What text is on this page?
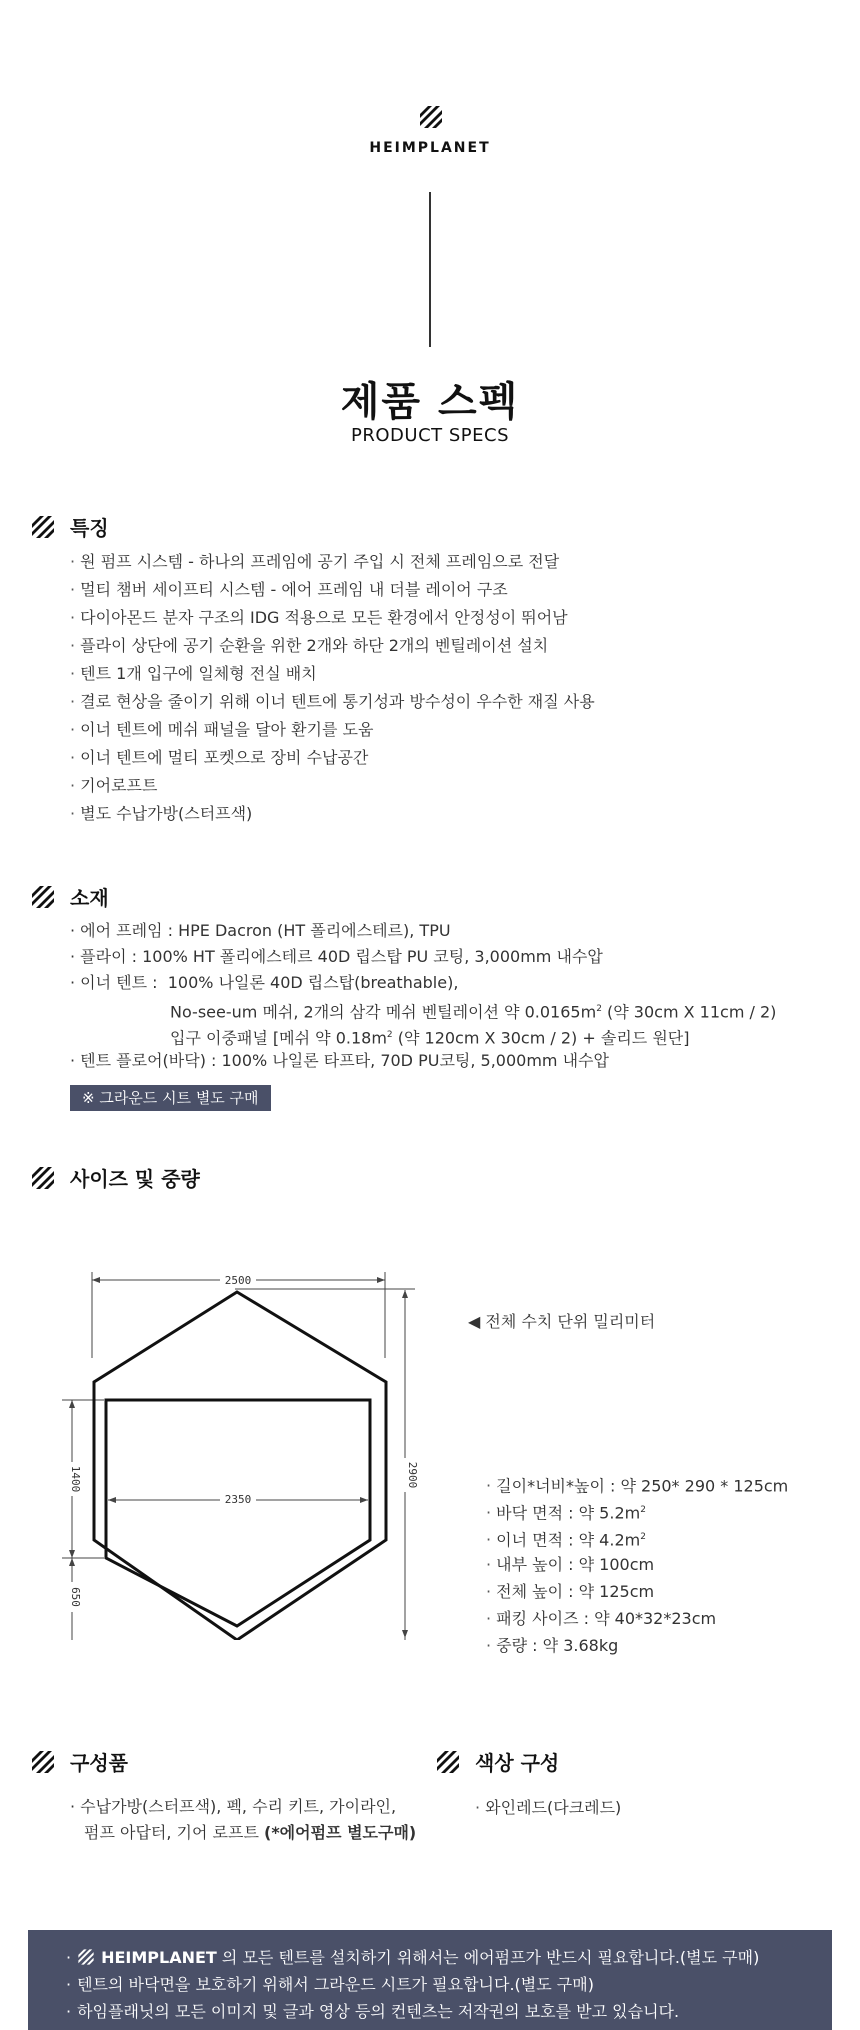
HEIMPLANET
제품 스펙
PRODUCT SPECS
특징
· 원 펌프 시스템 - 하나의 프레임에 공기 주입 시 전체 프레임으로 전달
· 멀티 챔버 세이프티 시스템 - 에어 프레임 내 더블 레이어 구조
· 다이아몬드 분자 구조의 IDG 적용으로 모든 환경에서 안정성이 뛰어남
· 플라이 상단에 공기 순환을 위한 2개와 하단 2개의 벤틸레이션 설치
· 텐트 1개 입구에 일체형 전실 배치
· 결로 현상을 줄이기 위해 이너 텐트에 통기성과 방수성이 우수한 재질 사용
· 이너 텐트에 메쉬 패널을 달아 환기를 도움
· 이너 텐트에 멀티 포켓으로 장비 수납공간
· 기어로프트
· 별도 수납가방(스터프색)
소재
· 에어 프레임 : HPE Dacron (HT 폴리에스테르), TPU
· 플라이 : 100% HT 폴리에스테르 40D 립스탑 PU 코팅, 3,000mm 내수압
· 이너 텐트 : 100% 나일론 40D 립스탑(breathable),
No-see-um 메쉬, 2개의 삼각 메쉬 벤틸레이션 약 $0.0165m^2$ (약 30cm X 11cm / 2)
입구 이중패널 [메쉬 약 $0.18m^2$ (약 120cm X 30cm / 2) + 솔리드 원단]
· 텐트 플로어(바닥) : 100% 나일론 타프타, 70D PU코팅, 5,000mm 내수압
※ 그라운드 시트 별도 구매
사이즈 및 중량
2350
2500
2900
1400
650
◀ 전체 수치 단위 밀리미터
· 길이*너비*높이 : 약 250* 290 * 125cm
· 바닥 면적 : 약 $5.2m^2$
· 이너 면적 : 약 $4.2m^2$
· 내부 높이 : 약 100cm
· 전체 높이 : 약 125cm
· 패킹 사이즈 : 약 40*32*23cm
· 중량 : 약 3.68kg
구성품
· 수납가방(스터프색), 펙, 수리 키트, 가이라인,
펌프 아답터, 기어 로프트 (*에어펌프 별도구매)
색상 구성
· 와인레드(다크레드)
· HEIMPLANET 의 모든 텐트를 설치하기 위해서는 에어펌프가 반드시 필요합니다.(별도 구매)
· 텐트의 바닥면을 보호하기 위해서 그라운드 시트가 필요합니다.(별도 구매)
· 하임플래닛의 모든 이미지 및 글과 영상 등의 컨텐츠는 저작권의 보호를 받고 있습니다.
